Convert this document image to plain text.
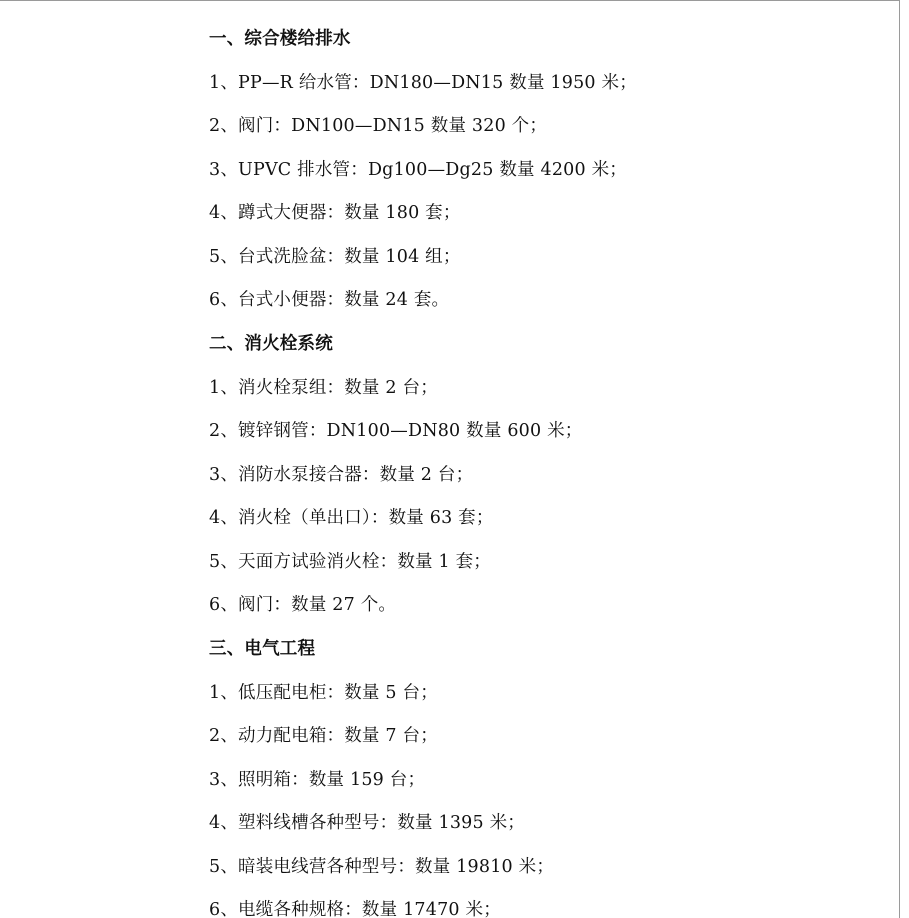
一、综合楼给排水
1、PP—R 给水管：DN180—DN15 数量 1950 米；
2、阀门：DN100—DN15 数量 320 个；
3、UPVC 排水管：Dg100—Dg25 数量 4200 米；
4、蹲式大便器：数量 180 套；
5、台式洗脸盆：数量 104 组；
6、台式小便器：数量 24 套。
二、消火栓系统
1、消火栓泵组：数量 2 台；
2、镀锌钢管：DN100—DN80 数量 600 米；
3、消防水泵接合器：数量 2 台；
4、消火栓（单出口）：数量 63 套；
5、天面方试验消火栓：数量 1 套；
6、阀门：数量 27 个。
三、电气工程
1、低压配电柜：数量 5 台；
2、动力配电箱：数量 7 台；
3、照明箱：数量 159 台；
4、塑料线槽各种型号：数量 1395 米；
5、暗装电线营各种型号：数量 19810 米；
6、电缆各种规格：数量 17470 米；
